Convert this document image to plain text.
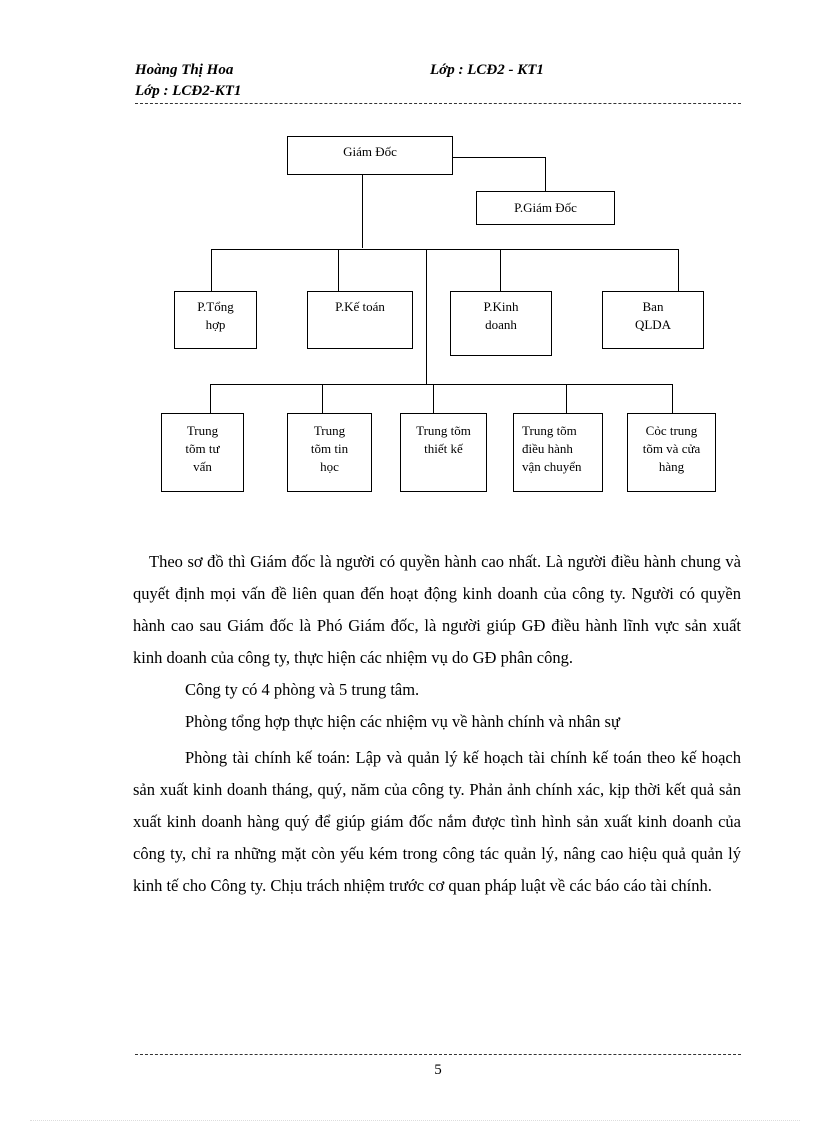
Hoàng Thị Hoa	Lớp : LCĐ2 - KT1
Lớp : LCĐ2-KT1
Giám Đốc
P.Giám Đốc
P.Tổng hợp
P.Kế toán	P.Kinh doanh
Ban QLDA
Trung tõm tư vấn
Trung tõm tin học
Trung tõm thiết kế
Trung tõm điều hành vận chuyển
Cỏc trung tõm và cửa hàng

Theo sơ đồ thì Giám đốc là người có quyền hành cao nhất. Là người điều hành chung và quyết định mọi vấn đề liên quan đến hoạt động kinh doanh của công ty. Người có quyền hành cao sau Giám đốc là Phó Giám đốc, là người giúp GĐ điều hành lĩnh vực sản xuất kinh doanh của công ty, thực hiện các nhiệm vụ do GĐ phân công.

Công ty có 4 phòng và 5 trung tâm.

Phòng tổng hợp thực hiện các nhiệm vụ về hành chính và nhân sự

Phòng tài chính kế toán: Lập và quản lý kế hoạch tài chính kế toán theo kế hoạch sản xuất kinh doanh tháng, quý, năm của công ty. Phản ảnh chính xác, kịp thời kết quả sản xuất kinh doanh hàng quý để giúp giám đốc nắm được tình hình sản xuất kinh doanh của công ty, chỉ ra những mặt còn yếu kém trong công tác quản lý, nâng cao hiệu quả quản lý kinh tế cho Công ty. Chịu trách nhiệm trước cơ quan pháp luật về các báo cáo tài chính.

5
